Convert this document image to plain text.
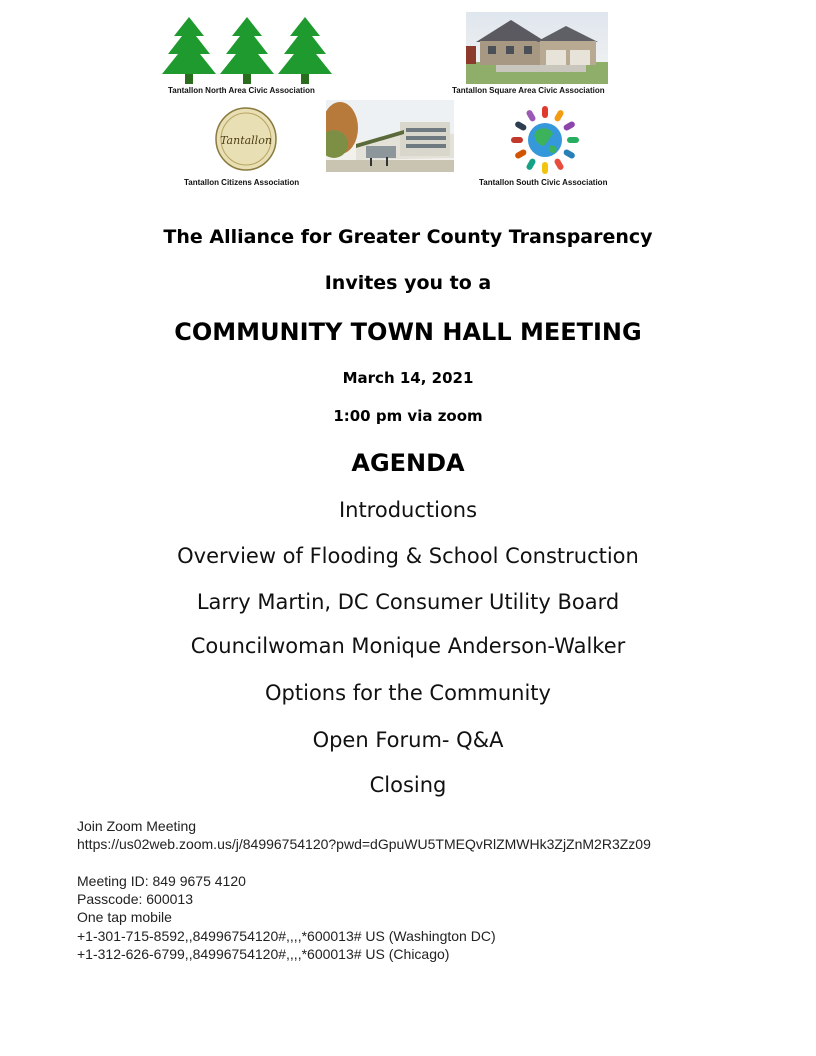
Tantallon North Area Civic Association	Tantallon Square Area Civic Association
Tantallon
Tantallon Citizens Association	Tantallon South Civic Association
The Alliance for Greater County Transparency
Invites you to a
COMMUNITY TOWN HALL MEETING
March 14, 2021
1:00 pm via zoom
AGENDA
Introductions
Overview of Flooding & School Construction
Larry Martin, DC Consumer Utility Board
Councilwoman Monique Anderson-Walker
Options for the Community
Open Forum- Q&A
Closing
Join Zoom Meeting
https://us02web.zoom.us/j/84996754120?pwd=dGpuWU5TMEQvRlZMWHk3ZjZnM2R3Zz09
Meeting ID: 849 9675 4120
Passcode: 600013
One tap mobile
+1-301-715-8592,,84996754120#,,,,*600013# US (Washington DC)
+1-312-626-6799,,84996754120#,,,,*600013# US (Chicago)
